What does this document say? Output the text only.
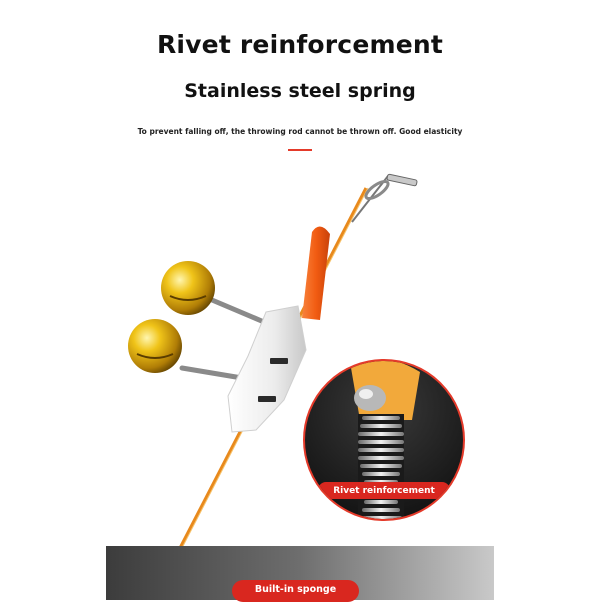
Rivet reinforcement
Stainless steel spring
To prevent falling off, the throwing rod cannot be thrown off. Good elasticity
Rivet reinforcement
Built-in sponge
